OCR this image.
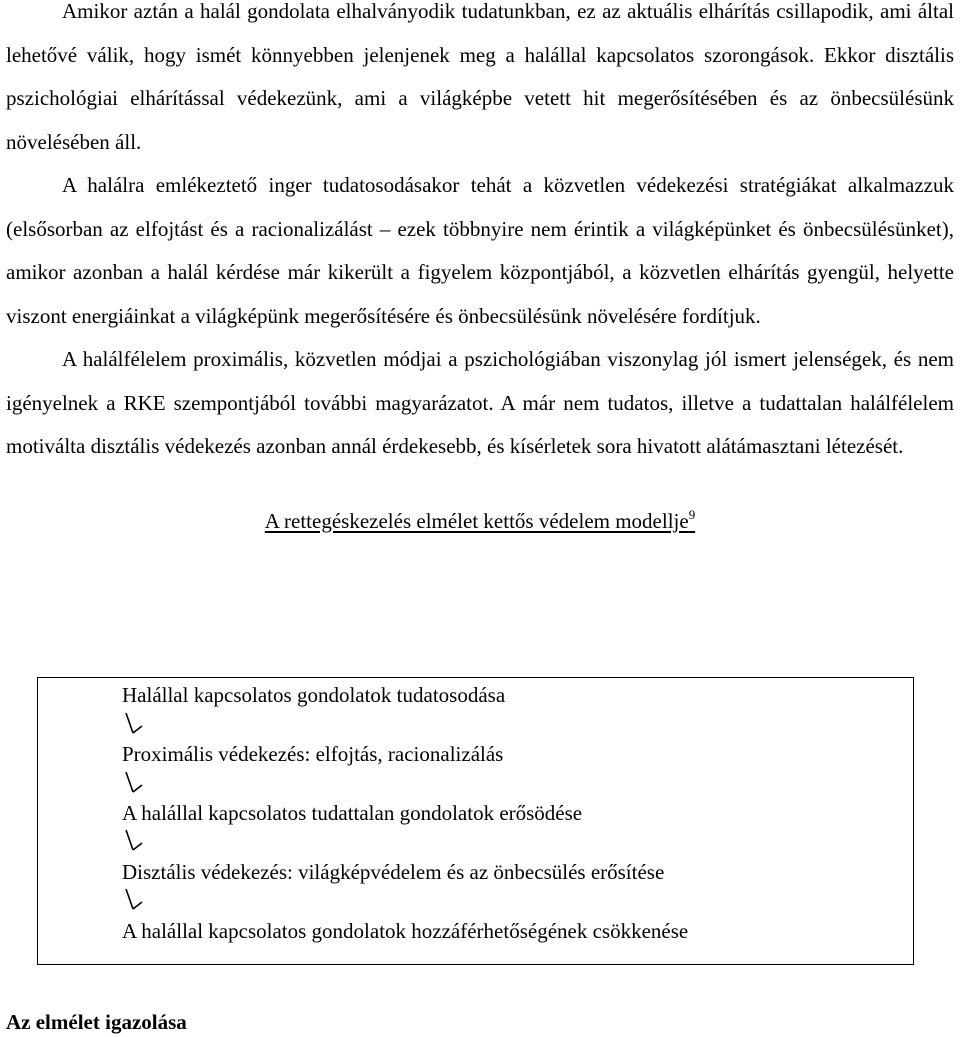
Amikor aztán a halál gondolata elhalványodik tudatunkban, ez az aktuális elhárítás csillapodik, ami által lehetővé válik, hogy ismét könnyebben jelenjenek meg a halállal kapcsolatos szorongások. Ekkor disztális pszichológiai elhárítással védekezünk, ami a világképbe vetett hit megerősítésében és az önbecsülésünk növelésében áll.

A halálra emlékeztető inger tudatosodásakor tehát a közvetlen védekezési stratégiákat alkalmazzuk (elsősorban az elfojtást és a racionalizálást – ezek többnyire nem érintik a világképünket és önbecsülésünket), amikor azonban a halál kérdése már kikerült a figyelem központjából, a közvetlen elhárítás gyengül, helyette viszont energiáinkat a világképünk megerősítésére és önbecsülésünk növelésére fordítjuk.

A halálfélelem proximális, közvetlen módjai a pszichológiában viszonylag jól ismert jelenségek, és nem igényelnek a RKE szempontjából további magyarázatot. A már nem tudatos, illetve a tudattalan halálfélelem motiválta disztális védekezés azonban annál érdekesebb, és kísérletek sora hivatott alátámasztani létezését.

A rettegéskezelés elmélet kettős védelem modellje$^9$
Halállal kapcsolatos gondolatok tudatosodása
Proximális védekezés: elfojtás, racionalizálás
A halállal kapcsolatos tudattalan gondolatok erősödése
Disztális védekezés: világképvédelem és az önbecsülés erősítése
A halállal kapcsolatos gondolatok hozzáférhetőségének csökkenése
Az elmélet igazolása
